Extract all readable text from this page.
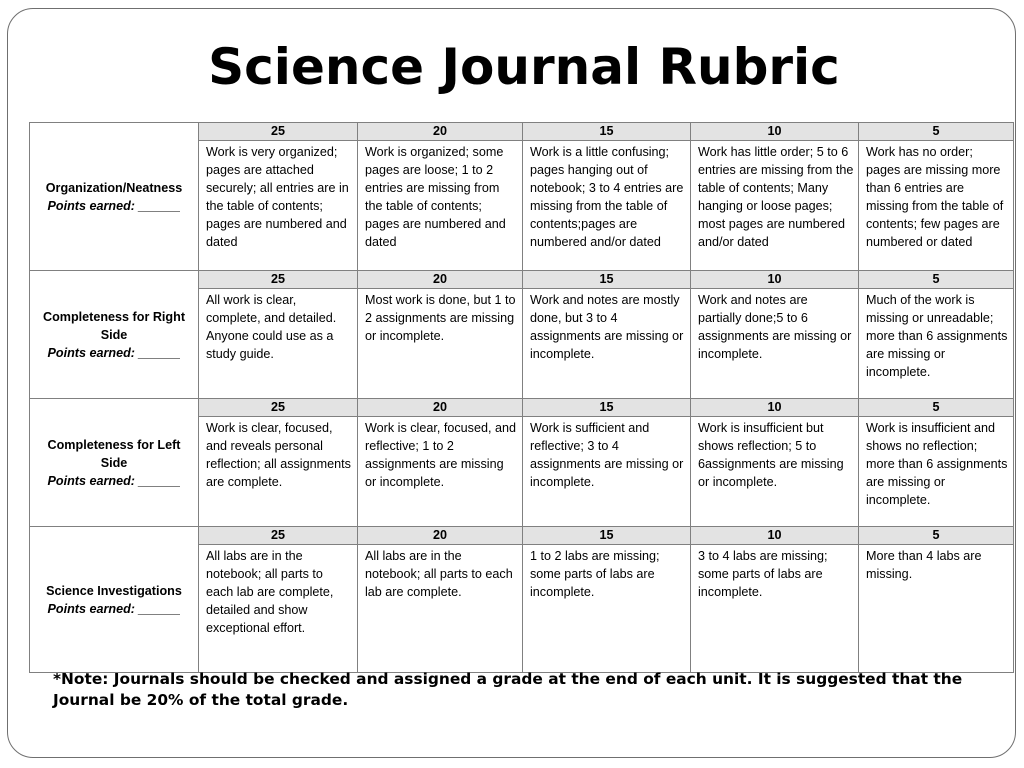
Science Journal Rubric
Organization/Neatness
Points earned: ______	25	20	15	10	5
	Work is very organized; pages are attached securely; all entries are in the table of contents; pages are numbered and dated	Work is organized; some pages are loose; 1 to 2 entries are missing from the table of contents; pages are numbered and dated	Work is a little confusing; pages hanging out of notebook; 3 to 4 entries are missing from the table of contents;pages are numbered and/or dated	Work has little order; 5 to 6 entries are missing from the table of contents; Many hanging or loose pages; most pages are numbered and/or dated	Work has no order; pages are missing more than 6 entries are missing from the table of contents; few pages are numbered or dated

Completeness for Right Side
Points earned: ______	25	20	15	10	5
	All work is clear, complete, and detailed. Anyone could use as a study guide.	Most work is done, but 1 to 2 assignments are missing or incomplete.	Work and notes are mostly done, but 3 to 4 assignments are missing or incomplete.	Work and notes are partially done;5 to 6 assignments are missing or incomplete.	Much of the work is missing or unreadable; more than 6 assignments are missing or incomplete.

Completeness for Left Side
Points earned: ______	25	20	15	10	5
	Work is clear, focused, and reveals personal reflection; all assignments are complete.	Work is clear, focused, and reflective; 1 to 2 assignments are missing or incomplete.	Work is sufficient and reflective; 3 to 4 assignments are missing or incomplete.	Work is insufficient but shows reflection; 5 to 6assignments are missing or incomplete.	Work is insufficient and shows no reflection;
more than 6 assignments are missing or incomplete.

Science Investigations
Points earned: ______	25	20	15	10	5
	All labs are in the notebook; all parts to each lab are complete, detailed and show exceptional effort.	All labs are in the notebook; all parts to each lab are complete.	1 to 2 labs are missing; some parts of labs are incomplete.	3 to 4 labs are missing; some parts of labs are incomplete.	More than 4 labs are missing.
*Note: Journals should be checked and assigned a grade at the end of each unit. It is suggested that the Journal be 20% of the total grade.
